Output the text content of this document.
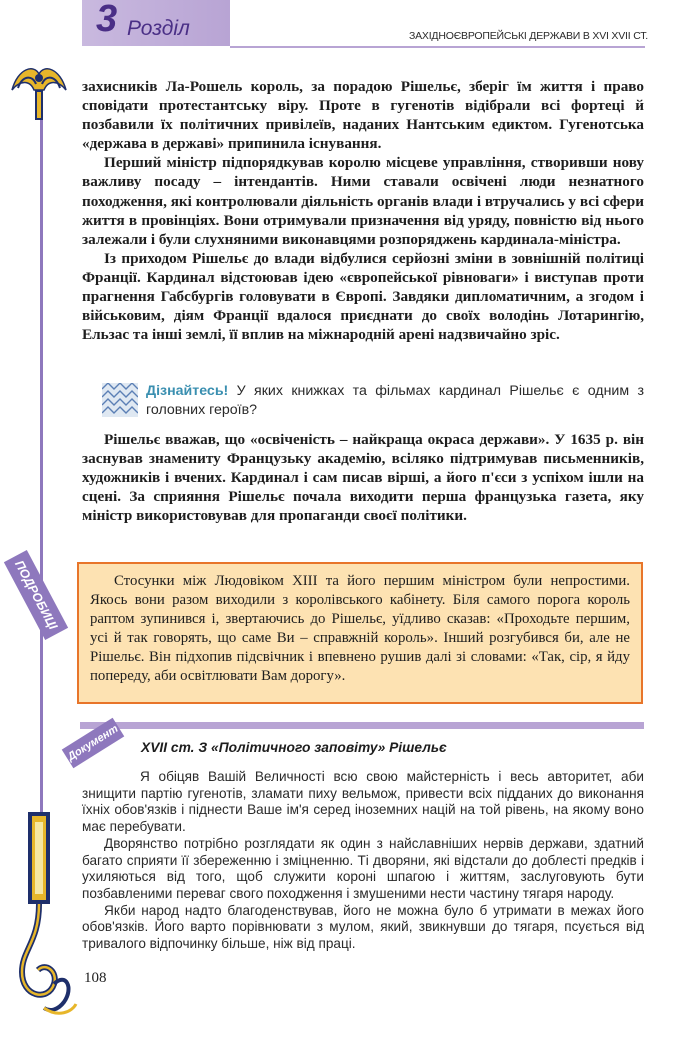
3 Розділ	ЗАХІДНОЄВРОПЕЙСЬКІ ДЕРЖАВИ В XVI XVII СТ.

захисників Ла-Рошель король, за порадою Рішельє, зберіг їм життя і право сповідати протестантську віру. Проте в гугенотів відібрали всі фортеці й позбавили їх політичних привілеїв, наданих Нантським едиктом. Гугенотська «держава в державі» припинила існування.

Перший міністр підпорядкував королю місцеве управління, створивши нову важливу посаду – інтендантів. Ними ставали освічені люди незнатного походження, які контролювали діяльність органів влади і втручались у всі сфери життя в провінціях. Вони отримували призначення від уряду, повністю від нього залежали і були слухняними виконавцями розпоряджень кардинала-міністра.

Із приходом Рішельє до влади відбулися серйозні зміни в зовнішній політиці Франції. Кардинал відстоював ідею «європейської рівноваги» і виступав проти прагнення Габсбургів головувати в Європі. Завдяки дипломатичним, а згодом і військовим, діям Франції вдалося приєднати до своїх володінь Лотарингію, Ельзас та інші землі, її вплив на міжнародній арені надзвичайно зріс.

Дізнайтесь! У яких книжках та фільмах кардинал Рішельє є одним з головних героїв?

Рішельє вважав, що «освіченість – найкраща окраса держави». У 1635 р. він заснував знамениту Французьку академію, всіляко підтримував письменників, художників і вчених. Кардинал і сам писав вірші, а його п'єси з успіхом ішли на сцені. За сприяння Рішельє почала виходити перша французька газета, яку міністр використовував для пропаганди своєї політики.

Стосунки між Людовіком XIII та його першим міністром були непростими. Якось вони разом виходили з королівського кабінету. Біля самого порога король раптом зупинився і, звертаючись до Рішельє, уїдливо сказав: «Проходьте першим, усі й так говорять, що саме Ви – справжній король». Інший розгубився би, але не Рішельє. Він підхопив підсвічник і впевнено рушив далі зі словами: «Так, сір, я йду попереду, аби освітлювати Вам дорогу».

ПОДРОБИЦІ
Документ XVII ст. З «Політичного заповіту» Рішельє

Я обіцяв Вашій Величності всю свою майстерність і весь авторитет, аби знищити партію гугенотів, зламати пиху вельмож, привести всіх підданих до виконання їхніх обов'язків і піднести Ваше ім'я серед іноземних націй на той рівень, на якому воно має перебувати.

Дворянство потрібно розглядати як один з найславніших нервів держави, здатний багато сприяти її збереженню і зміцненню. Ті дворяни, які відстали до доблесті предків і ухиляються від того, щоб служити короні шпагою і життям, заслуговують бути позбавленими переваг свого походження і змушеними нести частину тягаря народу.

Якби народ надто благоденствував, його не можна було б утримати в межах його обов'язків. Його варто порівнювати з мулом, який, звикнувши до тягаря, псується від тривалого відпочинку більше, ніж від праці.

108
